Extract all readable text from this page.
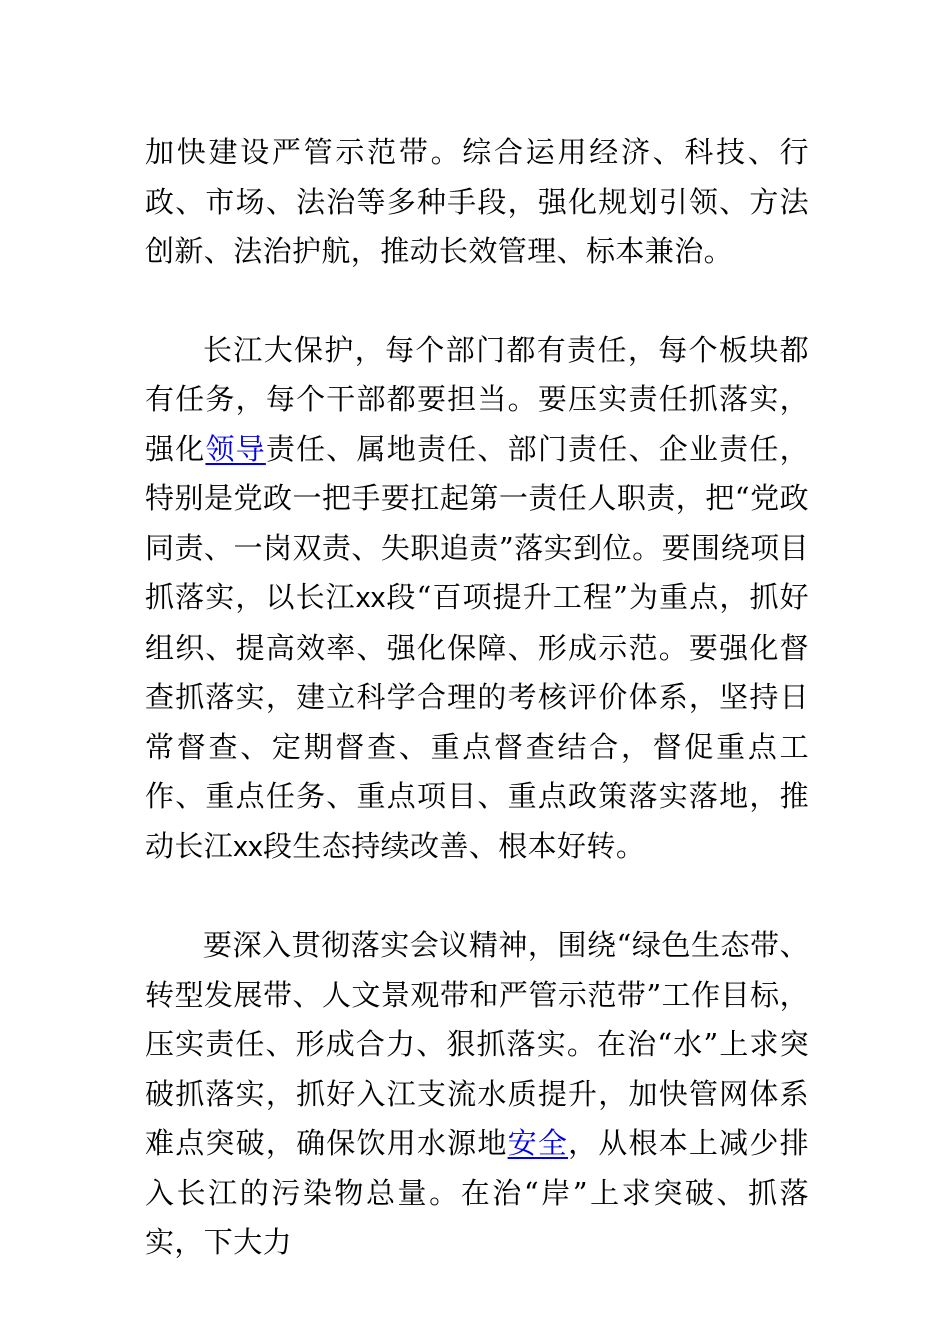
加快建设严管示范带。综合运用经济、科技、行政、市场、法治等多种手段，强化规划引领、方法创新、法治护航，推动长效管理、标本兼治。

长江大保护，每个部门都有责任，每个板块都有任务，每个干部都要担当。要压实责任抓落实，强化领导责任、属地责任、部门责任、企业责任，特别是党政一把手要扛起第一责任人职责，把“党政同责、一岗双责、失职追责”落实到位。要围绕项目抓落实，以长江xx段“百项提升工程”为重点，抓好组织、提高效率、强化保障、形成示范。要强化督查抓落实，建立科学合理的考核评价体系，坚持日常督查、定期督查、重点督查结合，督促重点工作、重点任务、重点项目、重点政策落实落地，推动长江xx段生态持续改善、根本好转。

要深入贯彻落实会议精神，围绕“绿色生态带、转型发展带、人文景观带和严管示范带”工作目标，压实责任、形成合力、狠抓落实。在治“水”上求突破抓落实，抓好入江支流水质提升，加快管网体系难点突破，确保饮用水源地安全，从根本上减少排入长江的污染物总量。在治“岸”上求突破、抓落实，下大力
